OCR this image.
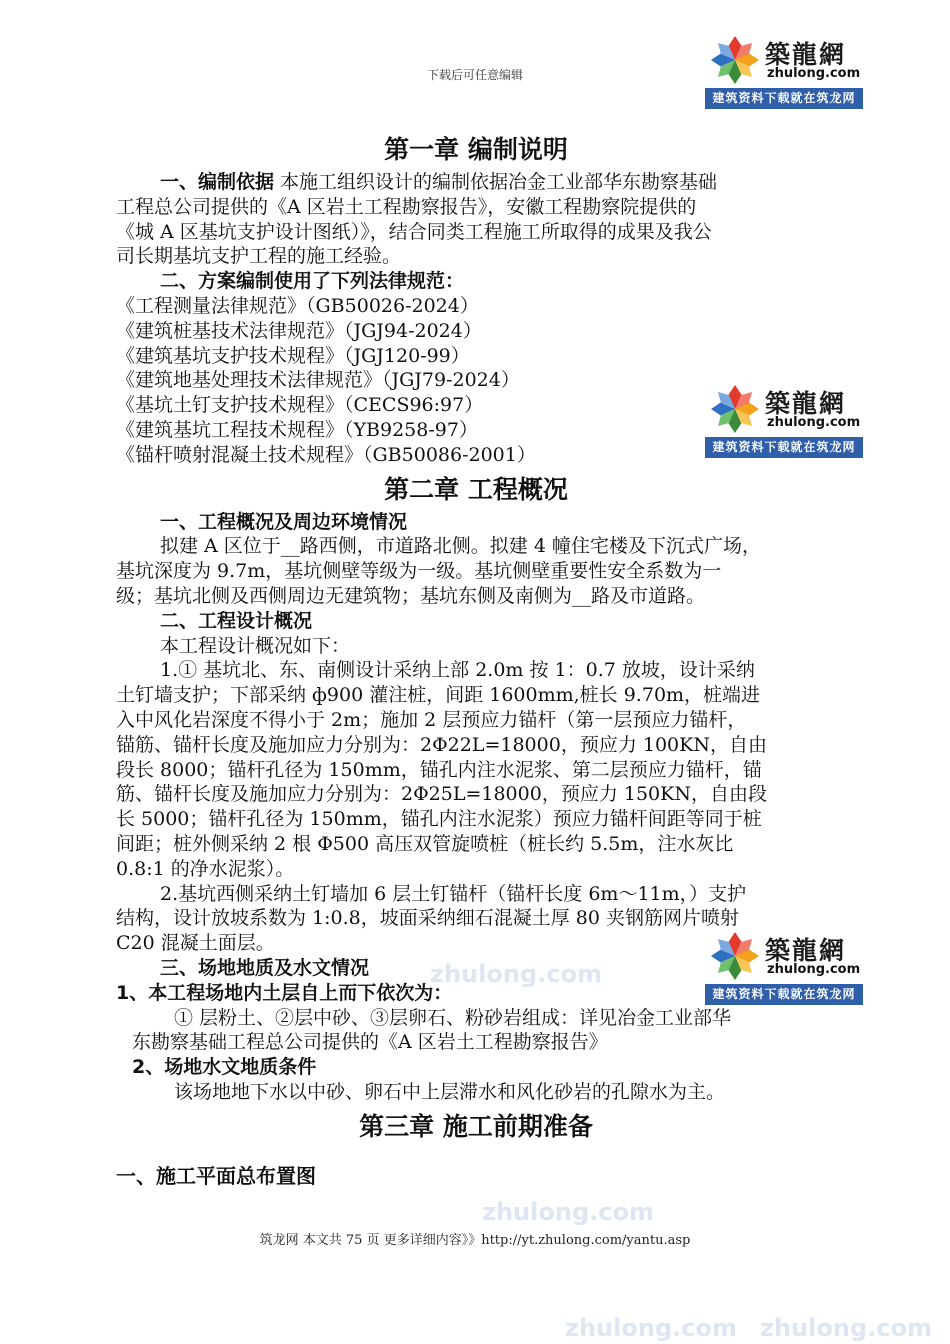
zhulong.com
zhulong.com
zhulong.com zhulong.com
下载后可任意编辑
築龍網
zhulong.com
建筑资料下载就在筑龙网
築龍網
zhulong.com
建筑资料下载就在筑龙网
築龍網
zhulong.com
建筑资料下载就在筑龙网
第一章 编制说明

一、编制依据 本施工组织设计的编制依据冶金工业部华东勘察基础

工程总公司提供的《A 区岩土工程勘察报告》，安徽工程勘察院提供的

《城 A 区基坑支护设计图纸）》，结合同类工程施工所取得的成果及我公

司长期基坑支护工程的施工经验。

二、方案编制使用了下列法律规范：

《工程测量法律规范》（GB50026-2024）

《建筑桩基技术法律规范》（JGJ94-2024）

《建筑基坑支护技术规程》（JGJ120-99）

《建筑地基处理技术法律规范》（JGJ79-2024）

《基坑土钉支护技术规程》（CECS96:97）

《建筑基坑工程技术规程》（YB9258-97）

《锚杆喷射混凝土技术规程》（GB50086-2001）

第二章 工程概况

一、工程概况及周边环境情况

拟建 A 区位于__路西侧，市道路北侧。拟建 4 幢住宅楼及下沉式广场，

基坑深度为 9.7m，基坑侧壁等级为一级。基坑侧壁重要性安全系数为一

级；基坑北侧及西侧周边无建筑物；基坑东侧及南侧为__路及市道路。

二、工程设计概况

本工程设计概况如下：

1.① 基坑北、东、南侧设计采纳上部 2.0m 按 1：0.7 放坡，设计采纳

土钉墙支护；下部采纳 ф900 灌注桩，间距 1600mm,桩长 9.70m，桩端进

入中风化岩深度不得小于 2m；施加 2 层预应力锚杆（第一层预应力锚杆，

锚筋、锚杆长度及施加应力分别为：2Φ22L=18000，预应力 100KN，自由

段长 8000；锚杆孔径为 150mm，锚孔内注水泥浆、第二层预应力锚杆，锚

筋、锚杆长度及施加应力分别为：2Φ25L=18000，预应力 150KN，自由段

长 5000；锚杆孔径为 150mm，锚孔内注水泥浆）预应力锚杆间距等同于桩

间距；桩外侧采纳 2 根 Φ500 高压双管旋喷桩（桩长约 5.5m，注水灰比

0.8:1 的净水泥浆）。

2.基坑西侧采纳土钉墙加 6 层土钉锚杆（锚杆长度 6m～11m，）支护

结构，设计放坡系数为 1:0.8，坡面采纳细石混凝土厚 80 夹钢筋网片喷射

C20 混凝土面层。

三、场地地质及水文情况

1、本工程场地内土层自上而下依次为：

① 层粉土、②层中砂、③层卵石、粉砂岩组成：详见冶金工业部华

东勘察基础工程总公司提供的《A 区岩土工程勘察报告》

2、场地水文地质条件

该场地地下水以中砂、卵石中上层滞水和风化砂岩的孔隙水为主。

第三章 施工前期准备

一、施工平面总布置图

筑龙网 本文共 75 页 更多详细内容》》http://yt.zhulong.com/yantu.asp
